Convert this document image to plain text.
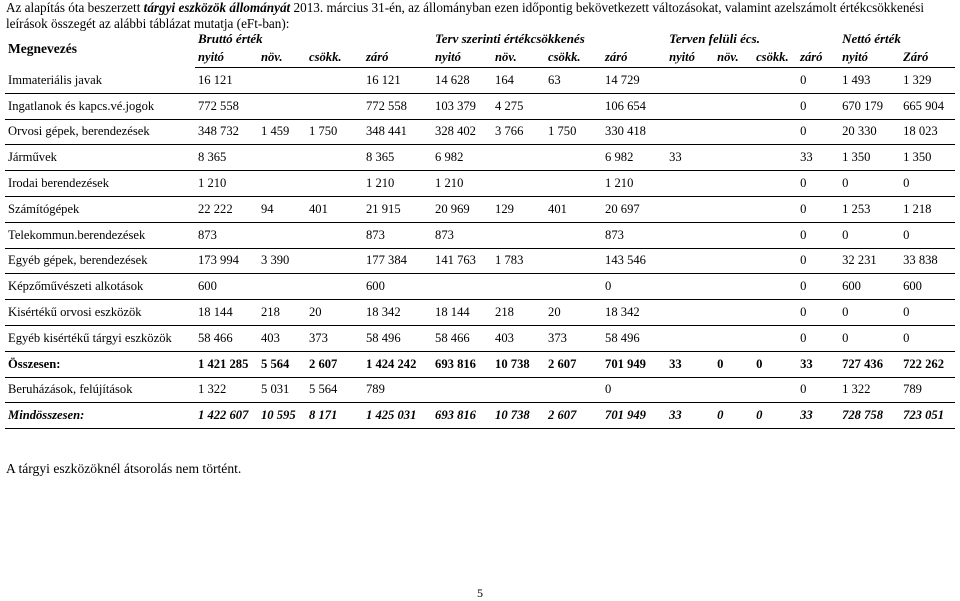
Az alapítás óta beszerzett tárgyi eszközök állományát 2013. március 31-én, az állományban ezen időpontig bekövetkezett változásokat, valamint azelszámolt értékcsökkenési leírások összegét az alábbi táblázat mutatja (eFt-ban):
Megnevezés	Bruttó érték				Terv szerinti értékcsökkenés				Terven felüli écs.				Nettó érték	
	nyitó	növ.	csökk.	záró	nyitó	növ.	csökk.	záró	nyitó	növ.	csökk.	záró	nyitó	Záró
Immateriális javak	16 121			16 121	14 628	164	63	14 729				0	1 493	1 329
Ingatlanok és kapcs.vé.jogok	772 558			772 558	103 379	4 275		106 654				0	670 179	665 904
Orvosi gépek, berendezések	348 732	1 459	1 750	348 441	328 402	3 766	1 750	330 418				0	20 330	18 023
Járművek	8 365			8 365	6 982			6 982	33			33	1 350	1 350
Irodai berendezések	1 210			1 210	1 210			1 210				0	0	0
Számítógépek	22 222	94	401	21 915	20 969	129	401	20 697				0	1 253	1 218
Telekommun.berendezések	873			873	873			873				0	0	0
Egyéb gépek, berendezések	173 994	3 390		177 384	141 763	1 783		143 546				0	32 231	33 838
Képzőművészeti alkotások	600			600				0				0	600	600
Kisértékű orvosi eszközök	18 144	218	20	18 342	18 144	218	20	18 342				0	0	0
Egyéb kisértékű tárgyi eszközök	58 466	403	373	58 496	58 466	403	373	58 496				0	0	0
Összesen:	1 421 285	5 564	2 607	1 424 242	693 816	10 738	2 607	701 949	33	0	0	33	727 436	722 262
Beruházások, felújítások	1 322	5 031	5 564	789				0				0	1 322	789
Mindösszesen:	1 422 607	10 595	8 171	1 425 031	693 816	10 738	2 607	701 949	33	0	0	33	728 758	723 051
A tárgyi eszközöknél átsorolás nem történt.
5
